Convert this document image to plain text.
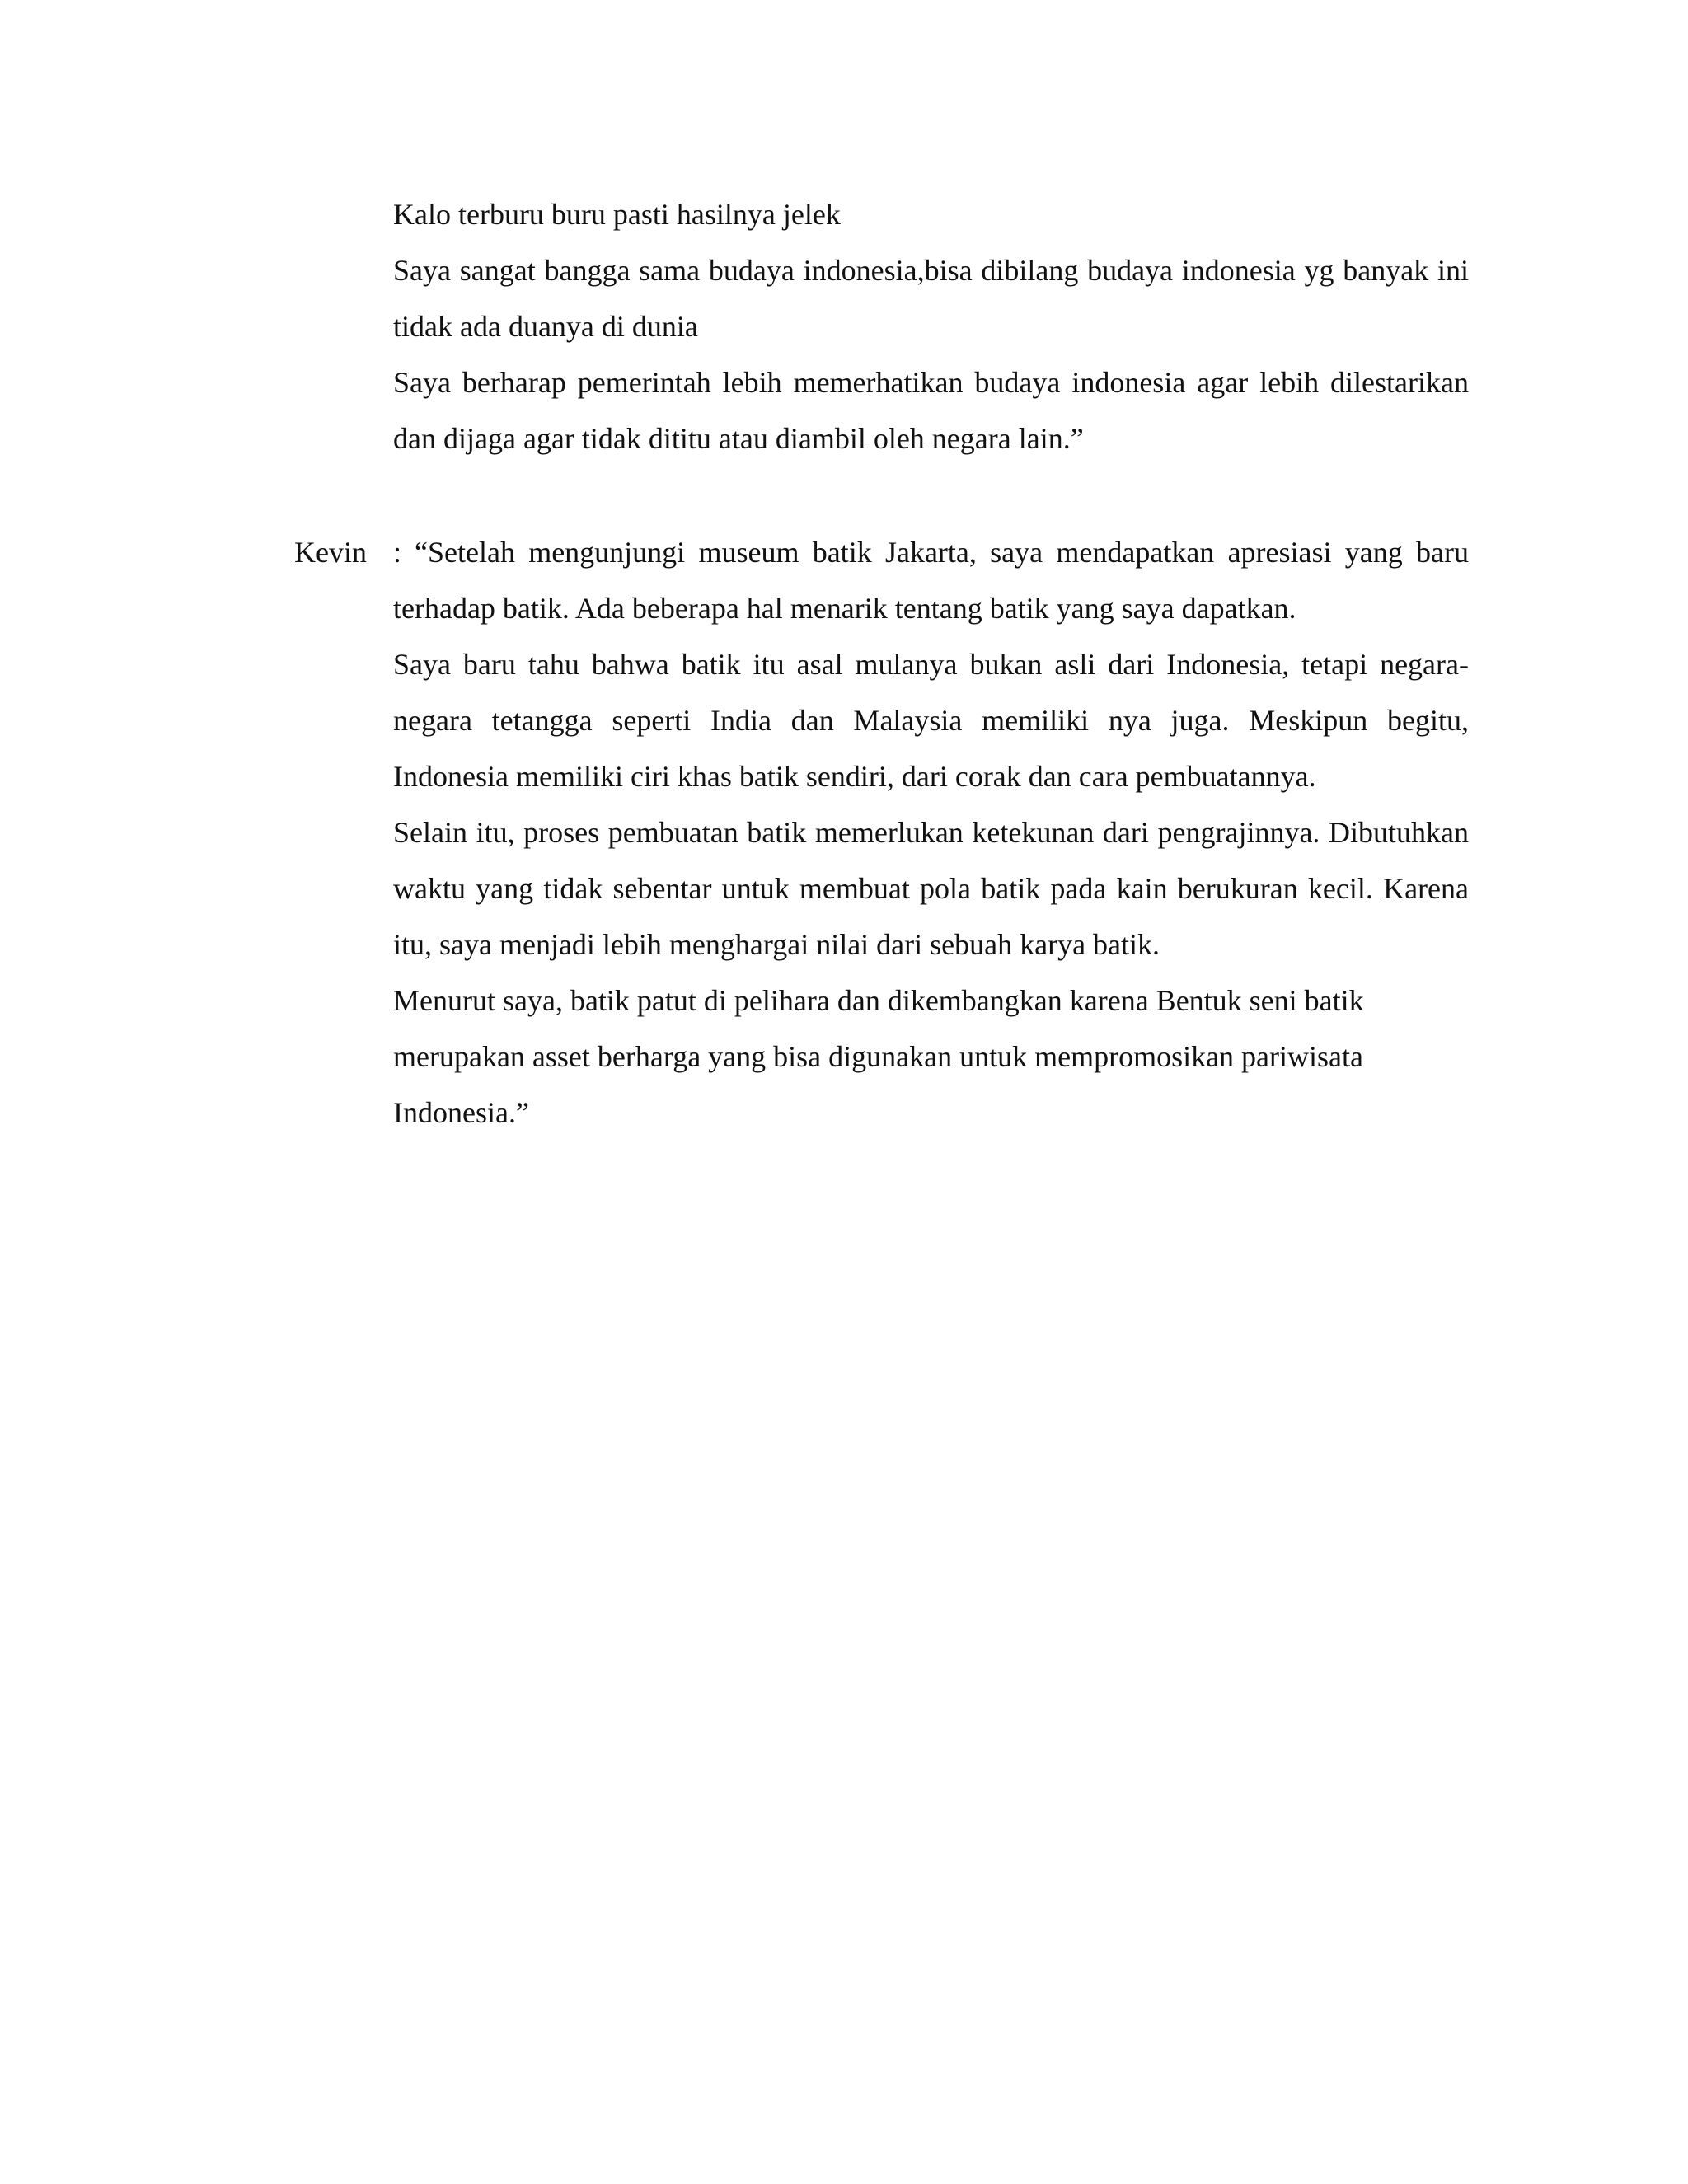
Kalo terburu buru pasti hasilnya jelek

Saya sangat bangga sama budaya indonesia,bisa dibilang budaya indonesia yg banyak ini tidak ada duanya di dunia

Saya berharap pemerintah lebih memerhatikan budaya indonesia agar lebih dilestarikan dan dijaga agar tidak dititu atau diambil oleh negara lain.”

Kevin : “Setelah mengunjungi museum batik Jakarta, saya mendapatkan apresiasi yang baru terhadap batik. Ada beberapa hal menarik tentang batik yang saya dapatkan.

Saya baru tahu bahwa batik itu asal mulanya bukan asli dari Indonesia, tetapi negara-negara tetangga seperti India dan Malaysia memiliki nya juga. Meskipun begitu, Indonesia memiliki ciri khas batik sendiri, dari corak dan cara pembuatannya.

Selain itu, proses pembuatan batik memerlukan ketekunan dari pengrajinnya. Dibutuhkan waktu yang tidak sebentar untuk membuat pola batik pada kain berukuran kecil. Karena itu, saya menjadi lebih menghargai nilai dari sebuah karya batik.

Menurut saya, batik patut di pelihara dan dikembangkan karena Bentuk seni batik merupakan asset berharga yang bisa digunakan untuk mempromosikan pariwisata Indonesia.”
